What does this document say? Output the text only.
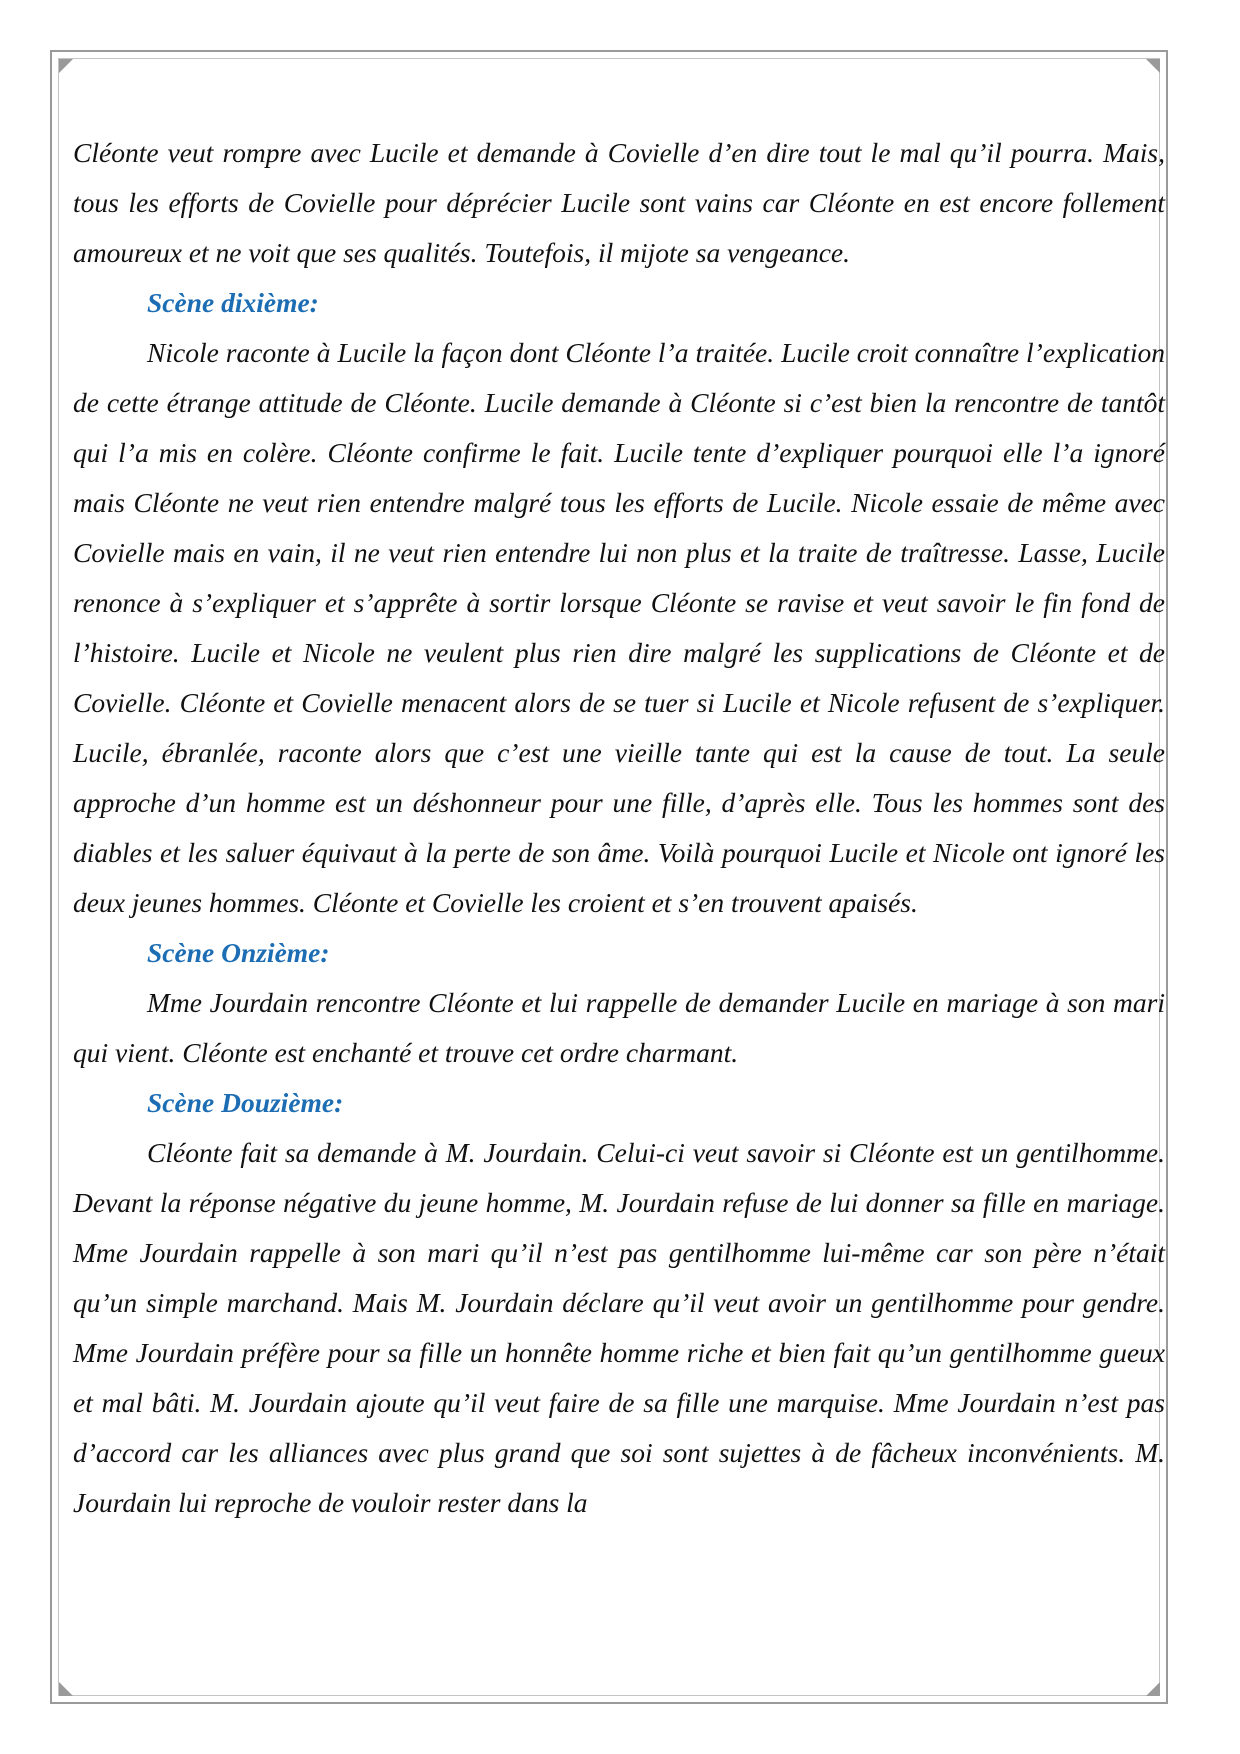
Cléonte veut rompre avec Lucile et demande à Covielle d’en dire tout le mal qu’il pourra. Mais, tous les efforts de Covielle pour déprécier Lucile sont vains car Cléonte en est encore follement amoureux et ne voit que ses qualités. Toutefois, il mijote sa vengeance.

Scène dixième:

Nicole raconte à Lucile la façon dont Cléonte l’a traitée. Lucile croit connaître l’explication de cette étrange attitude de Cléonte. Lucile demande à Cléonte si c’est bien la rencontre de tantôt qui l’a mis en colère. Cléonte confirme le fait. Lucile tente d’expliquer pourquoi elle l’a ignoré mais Cléonte ne veut rien entendre malgré tous les efforts de Lucile. Nicole essaie de même avec Covielle mais en vain, il ne veut rien entendre lui non plus et la traite de traîtresse. Lasse, Lucile renonce à s’expliquer et s’apprête à sortir lorsque Cléonte se ravise et veut savoir le fin fond de l’histoire. Lucile et Nicole ne veulent plus rien dire malgré les supplications de Cléonte et de Covielle. Cléonte et Covielle menacent alors de se tuer si Lucile et Nicole refusent de s’expliquer. Lucile, ébranlée, raconte alors que c’est une vieille tante qui est la cause de tout. La seule approche d’un homme est un déshonneur pour une fille, d’après elle. Tous les hommes sont des diables et les saluer équivaut à la perte de son âme. Voilà pourquoi Lucile et Nicole ont ignoré les deux jeunes hommes. Cléonte et Covielle les croient et s’en trouvent apaisés.

Scène Onzième:

Mme Jourdain rencontre Cléonte et lui rappelle de demander Lucile en mariage à son mari qui vient. Cléonte est enchanté et trouve cet ordre charmant.

Scène Douzième:

Cléonte fait sa demande à M. Jourdain. Celui-ci veut savoir si Cléonte est un gentilhomme. Devant la réponse négative du jeune homme, M. Jourdain refuse de lui donner sa fille en mariage. Mme Jourdain rappelle à son mari qu’il n’est pas gentilhomme lui-même car son père n’était qu’un simple marchand. Mais M. Jourdain déclare qu’il veut avoir un gentilhomme pour gendre. Mme Jourdain préfère pour sa fille un honnête homme riche et bien fait qu’un gentilhomme gueux et mal bâti. M. Jourdain ajoute qu’il veut faire de sa fille une marquise. Mme Jourdain n’est pas d’accord car les alliances avec plus grand que soi sont sujettes à de fâcheux inconvénients. M. Jourdain lui reproche de vouloir rester dans la
